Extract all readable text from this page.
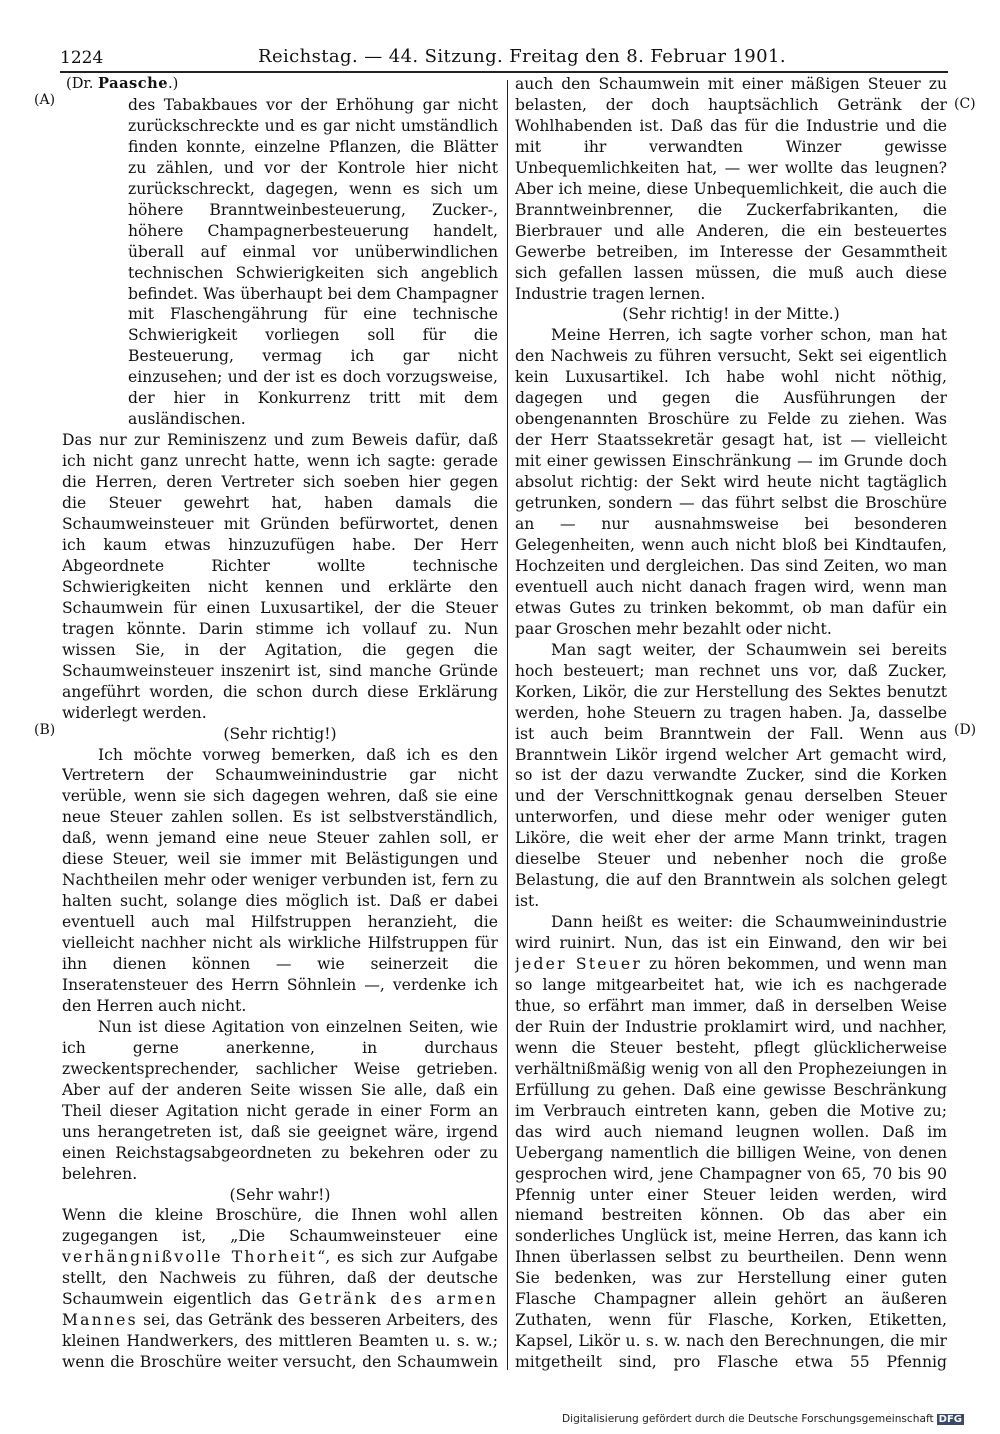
1224	Reichstag. — 44. Sitzung. Freitag den 8. Februar 1901.
(A)
(B)
(C)
(D)

(Dr. Paasche.)

des Tabakbaues vor der Erhöhung gar nicht zurückschreckte und es gar nicht umständlich finden konnte, einzelne Pflanzen, die Blätter zu zählen, und vor der Kontrole hier nicht zurückschreckt, dagegen, wenn es sich um höhere Branntweinbesteuerung, Zucker-, höhere Champagnerbesteuerung handelt, überall auf einmal vor unüberwindlichen technischen Schwierigkeiten sich angeblich befindet. Was überhaupt bei dem Champagner mit Flaschengährung für eine technische Schwierigkeit vorliegen soll für die Besteuerung, vermag ich gar nicht einzusehen; und der ist es doch vorzugsweise, der hier in Konkurrenz tritt mit dem ausländischen.

Das nur zur Reminiszenz und zum Beweis dafür, daß ich nicht ganz unrecht hatte, wenn ich sagte: gerade die Herren, deren Vertreter sich soeben hier gegen die Steuer gewehrt hat, haben damals die Schaumweinsteuer mit Gründen befürwortet, denen ich kaum etwas hinzuzufügen habe. Der Herr Abgeordnete Richter wollte technische Schwierigkeiten nicht kennen und erklärte den Schaumwein für einen Luxusartikel, der die Steuer tragen könnte. Darin stimme ich vollauf zu. Nun wissen Sie, in der Agitation, die gegen die Schaumweinsteuer inszenirt ist, sind manche Gründe angeführt worden, die schon durch diese Erklärung widerlegt werden.

(Sehr richtig!)

Ich möchte vorweg bemerken, daß ich es den Vertretern der Schaumweinindustrie gar nicht verüble, wenn sie sich dagegen wehren, daß sie eine neue Steuer zahlen sollen. Es ist selbstverständlich, daß, wenn jemand eine neue Steuer zahlen soll, er diese Steuer, weil sie immer mit Belästigungen und Nachtheilen mehr oder weniger verbunden ist, fern zu halten sucht, solange dies möglich ist. Daß er dabei eventuell auch mal Hilfstruppen heranzieht, die vielleicht nachher nicht als wirkliche Hilfstruppen für ihn dienen können — wie seinerzeit die Inseratensteuer des Herrn Söhnlein —, verdenke ich den Herren auch nicht.

Nun ist diese Agitation von einzelnen Seiten, wie ich gerne anerkenne, in durchaus zweckentsprechender, sachlicher Weise getrieben. Aber auf der anderen Seite wissen Sie alle, daß ein Theil dieser Agitation nicht gerade in einer Form an uns herangetreten ist, daß sie geeignet wäre, irgend einen Reichstagsabgeordneten zu bekehren oder zu belehren.

(Sehr wahr!)

Wenn die kleine Broschüre, die Ihnen wohl allen zugegangen ist, „Die Schaumweinsteuer eine verhängnißvolle Thorheit“, es sich zur Aufgabe stellt, den Nachweis zu führen, daß der deutsche Schaumwein eigentlich das Getränk des armen Mannes sei, das Getränk des besseren Arbeiters, des kleinen Handwerkers, des mittleren Beamten u. s. w.; wenn die Broschüre weiter versucht, den Schaumwein

auch den Schaumwein mit einer mäßigen Steuer zu belasten, der doch hauptsächlich Getränk der Wohlhabenden ist. Daß das für die Industrie und die mit ihr verwandten Winzer gewisse Unbequemlichkeiten hat, — wer wollte das leugnen? Aber ich meine, diese Unbequemlichkeit, die auch die Branntweinbrenner, die Zuckerfabrikanten, die Bierbrauer und alle Anderen, die ein besteuertes Gewerbe betreiben, im Interesse der Gesammtheit sich gefallen lassen müssen, die muß auch diese Industrie tragen lernen.

(Sehr richtig! in der Mitte.)

Meine Herren, ich sagte vorher schon, man hat den Nachweis zu führen versucht, Sekt sei eigentlich kein Luxusartikel. Ich habe wohl nicht nöthig, dagegen und gegen die Ausführungen der obengenannten Broschüre zu Felde zu ziehen. Was der Herr Staatssekretär gesagt hat, ist — vielleicht mit einer gewissen Einschränkung — im Grunde doch absolut richtig: der Sekt wird heute nicht tagtäglich getrunken, sondern — das führt selbst die Broschüre an — nur ausnahmsweise bei besonderen Gelegenheiten, wenn auch nicht bloß bei Kindtaufen, Hochzeiten und dergleichen. Das sind Zeiten, wo man eventuell auch nicht danach fragen wird, wenn man etwas Gutes zu trinken bekommt, ob man dafür ein paar Groschen mehr bezahlt oder nicht.

Man sagt weiter, der Schaumwein sei bereits hoch besteuert; man rechnet uns vor, daß Zucker, Korken, Likör, die zur Herstellung des Sektes benutzt werden, hohe Steuern zu tragen haben. Ja, dasselbe ist auch beim Branntwein der Fall. Wenn aus Branntwein Likör irgend welcher Art gemacht wird, so ist der dazu verwandte Zucker, sind die Korken und der Verschnittkognak genau derselben Steuer unterworfen, und diese mehr oder weniger guten Liköre, die weit eher der arme Mann trinkt, tragen dieselbe Steuer und nebenher noch die große Belastung, die auf den Branntwein als solchen gelegt ist.

Dann heißt es weiter: die Schaumweinindustrie wird ruinirt. Nun, das ist ein Einwand, den wir bei jeder Steuer zu hören bekommen, und wenn man so lange mitgearbeitet hat, wie ich es nachgerade thue, so erfährt man immer, daß in derselben Weise der Ruin der Industrie proklamirt wird, und nachher, wenn die Steuer besteht, pflegt glücklicherweise verhältnißmäßig wenig von all den Prophezeiungen in Erfüllung zu gehen. Daß eine gewisse Beschränkung im Verbrauch eintreten kann, geben die Motive zu; das wird auch niemand leugnen wollen. Daß im Uebergang namentlich die billigen Weine, von denen gesprochen wird, jene Champagner von 65, 70 bis 90 Pfennig unter einer Steuer leiden werden, wird niemand bestreiten können. Ob das aber ein sonderliches Unglück ist, meine Herren, das kann ich Ihnen überlassen selbst zu beurtheilen. Denn wenn Sie bedenken, was zur Herstellung einer guten Flasche Champagner allein gehört an äußeren Zuthaten, wenn für Flasche, Korken, Etiketten, Kapsel, Likör u. s. w. nach den Berechnungen, die mir mitgetheilt sind, pro Flasche etwa 55 Pfennig

Digitalisierung gefördert durch die Deutsche Forschungsgemeinschaft DFG
